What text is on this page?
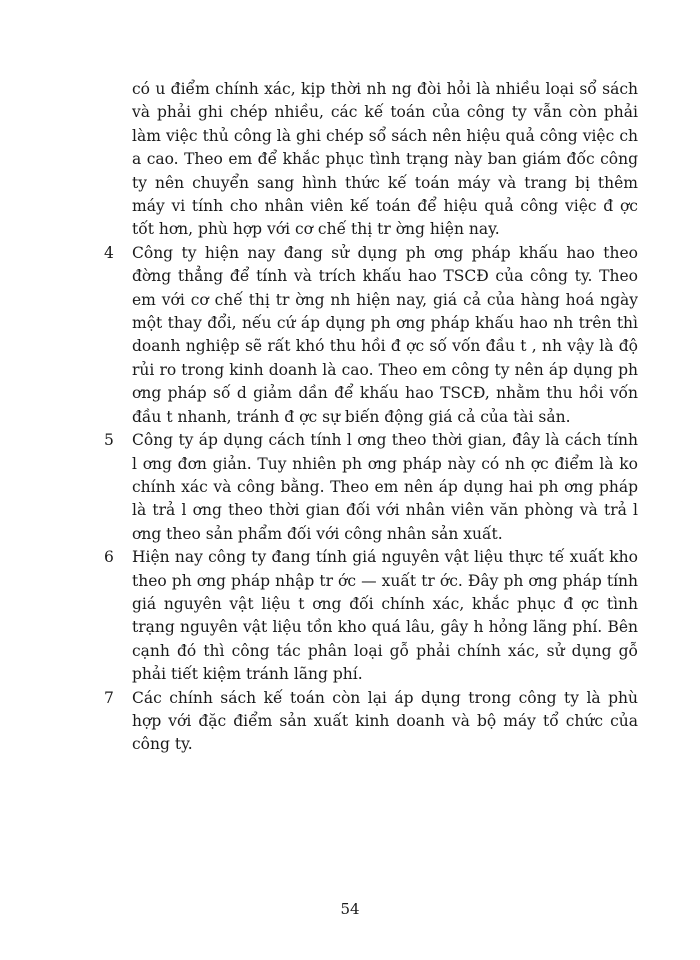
có u điểm chính xác, kịp thời nh ng đòi hỏi là nhiều loại sổ sách và phải ghi chép nhiều, các kế toán của công ty vẫn còn phải làm việc thủ công là ghi chép sổ sách nên hiệu quả công việc ch a cao. Theo em để khắc phục tình trạng này ban giám đốc công ty nên chuyển sang hình thức kế toán máy và trang bị thêm máy vi tính cho nhân viên kế toán để hiệu quả công việc đ ợc tốt hơn, phù hợp với cơ chế thị tr ờng hiện nay.
4 Công ty hiện nay đang sử dụng ph ơng pháp khấu hao theo đờng thẳng để tính và trích khấu hao TSCĐ của công ty. Theo em với cơ chế thị tr ờng nh hiện nay, giá cả của hàng hoá ngày một thay đổi, nếu cứ áp dụng ph ơng pháp khấu hao nh trên thì doanh nghiệp sẽ rất khó thu hồi đ ợc số vốn đầu t , nh vậy là độ rủi ro trong kinh doanh là cao. Theo em công ty nên áp dụng ph ơng pháp số d giảm dần để khấu hao TSCĐ, nhằm thu hồi vốn đầu t nhanh, tránh đ ợc sự biến động giá cả của tài sản.
5 Công ty áp dụng cách tính l ơng theo thời gian, đây là cách tính l ơng đơn giản. Tuy nhiên ph ơng pháp này có nh ợc điểm là ko chính xác và công bằng. Theo em nên áp dụng hai ph ơng pháp là trả l ơng theo thời gian đối với nhân viên văn phòng và trả l ơng theo sản phẩm đối với công nhân sản xuất.
6 Hiện nay công ty đang tính giá nguyên vật liệu thực tế xuất kho theo ph ơng pháp nhập tr ớc — xuất tr ớc. Đây ph ơng pháp tính giá nguyên vật liệu t ơng đối chính xác, khắc phục đ ợc tình trạng nguyên vật liệu tồn kho quá lâu, gây h hỏng lãng phí. Bên cạnh đó thì công tác phân loại gỗ phải chính xác, sử dụng gỗ phải tiết kiệm tránh lãng phí.
7 Các chính sách kế toán còn lại áp dụng trong công ty là phù hợp với đặc điểm sản xuất kinh doanh và bộ máy tổ chức của công ty.
54
